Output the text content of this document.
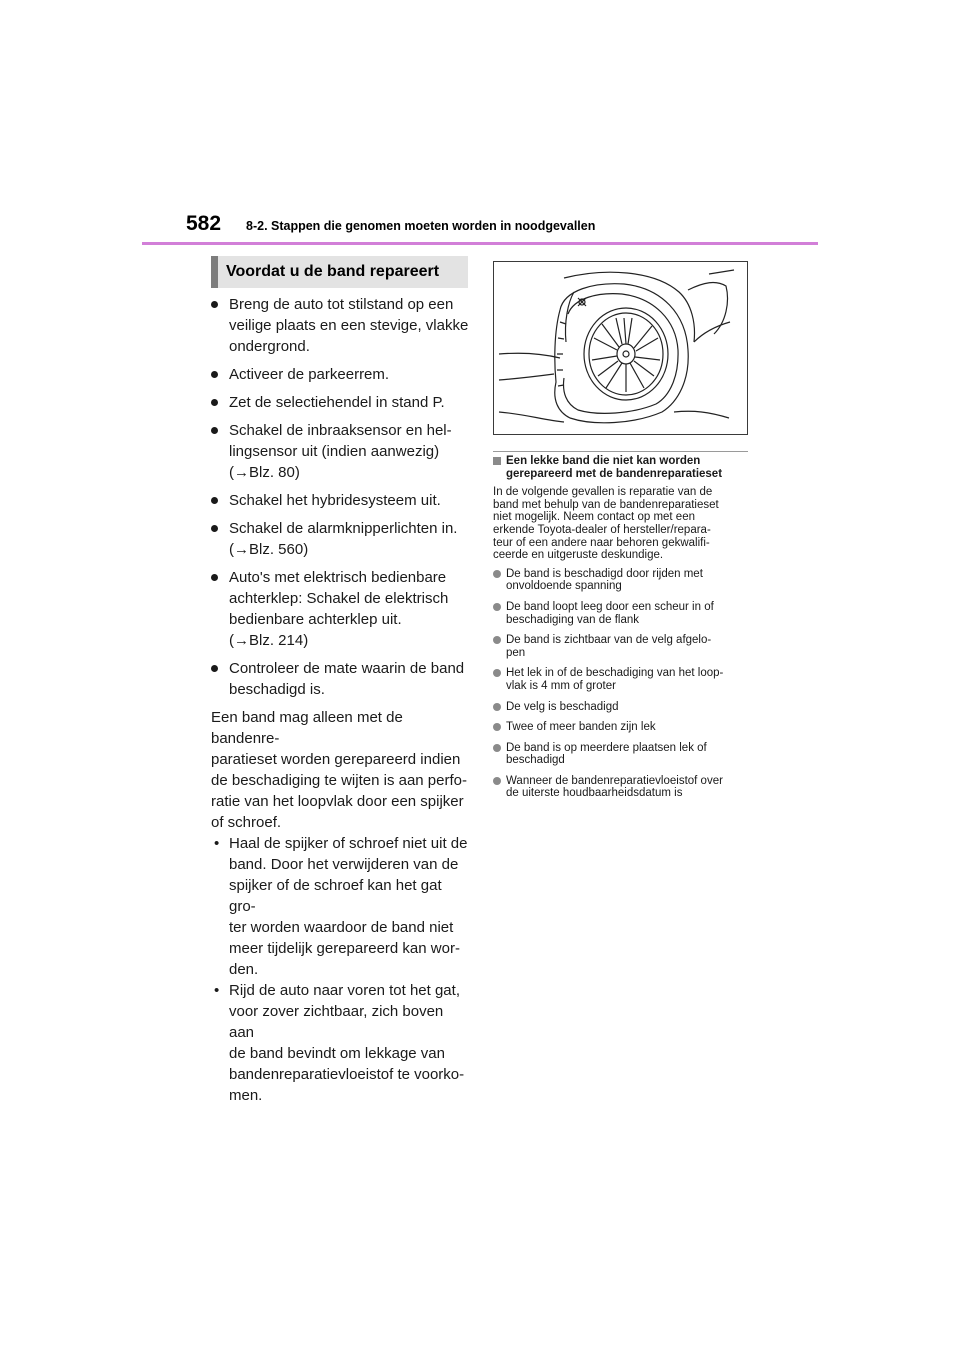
582 8-2. Stappen die genomen moeten worden in noodgevallen
Voordat u de band repareert
Breng de auto tot stilstand op een
veilige plaats en een stevige, vlakke
ondergrond.
Activeer de parkeerrem.
Zet de selectiehendel in stand P.
Schakel de inbraaksensor en hel-
lingsensor uit (indien aanwezig)
(→Blz. 80)
Schakel het hybridesysteem uit.
Schakel de alarmknipperlichten in.
(→Blz. 560)
Auto's met elektrisch bedienbare
achterklep: Schakel de elektrisch
bedienbare achterklep uit.
(→Blz. 214)
Controleer de mate waarin de band
beschadigd is.
Een band mag alleen met de bandenre-
paratieset worden gerepareerd indien
de beschadiging te wijten is aan perfo-
ratie van het loopvlak door een spijker
of schroef.
• Haal de spijker of schroef niet uit de
band. Door het verwijderen van de
spijker of de schroef kan het gat gro-
ter worden waardoor de band niet
meer tijdelijk gerepareerd kan wor-
den.
• Rijd de auto naar voren tot het gat,
voor zover zichtbaar, zich boven aan
de band bevindt om lekkage van
bandenreparatievloeistof te voorko-
men.
Een lekke band die niet kan worden
gerepareerd met de bandenreparatieset
In de volgende gevallen is reparatie van de
band met behulp van de bandenreparatieset
niet mogelijk. Neem contact op met een
erkende Toyota-dealer of hersteller/repara-
teur of een andere naar behoren gekwalifi-
ceerde en uitgeruste deskundige.
De band is beschadigd door rijden met
onvoldoende spanning
De band loopt leeg door een scheur in of
beschadiging van de flank
De band is zichtbaar van de velg afgelo-
pen
Het lek in of de beschadiging van het loop-
vlak is 4 mm of groter
De velg is beschadigd
Twee of meer banden zijn lek
De band is op meerdere plaatsen lek of
beschadigd
Wanneer de bandenreparatievloeistof over
de uiterste houdbaarheidsdatum is
